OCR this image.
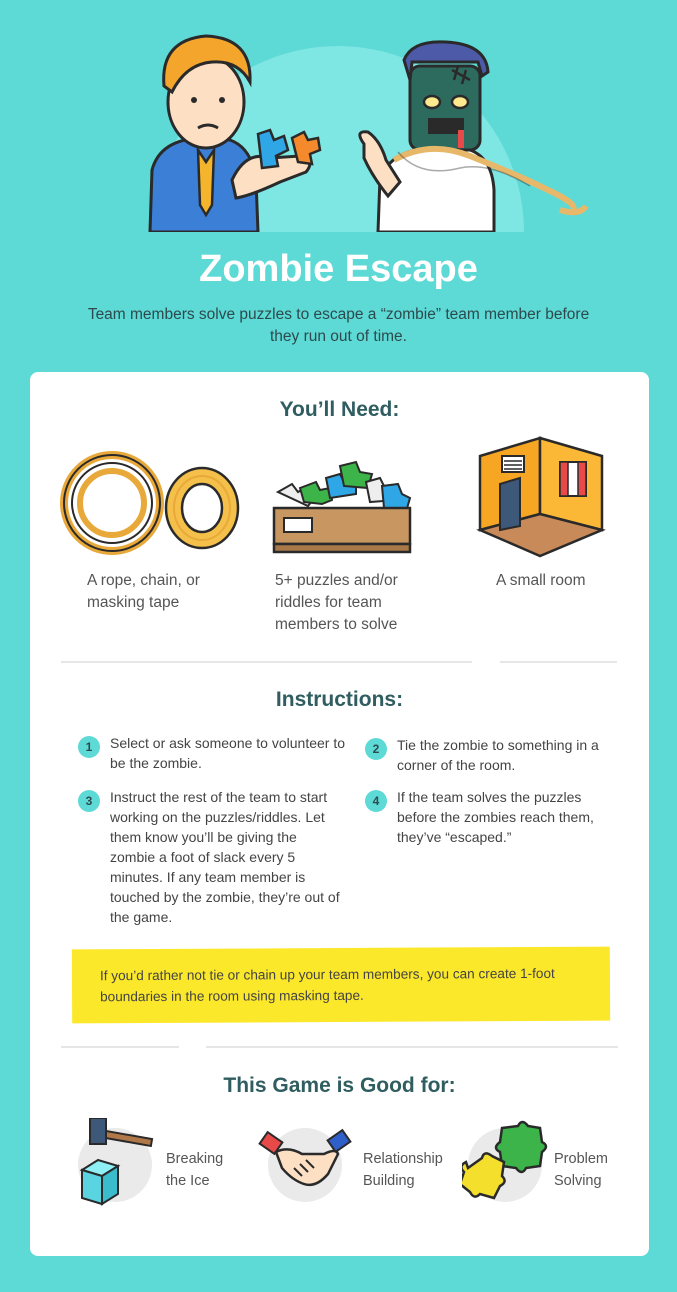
Zombie Escape
Team members solve puzzles to escape a “zombie” team member before they run out of time.
You’ll Need:
A rope, chain, or masking tape
5+ puzzles and/or riddles for team members to solve
A small room
Instructions:
1	Select or ask someone to volunteer to be the zombie.
2	Tie the zombie to something in a corner of the room.
3	Instruct the rest of the team to start working on the puzzles/riddles. Let them know you’ll be giving the zombie a foot of slack every 5 minutes. If any team member is touched by the zombie, they’re out of the game.
4	If the team solves the puzzles before the zombies reach them, they’ve “escaped.”
If you’d rather not tie or chain up your team members, you can create 1-foot boundaries in the room using masking tape.
This Game is Good for:
Breaking
the Ice
Relationship
Building
Problem
Solving
